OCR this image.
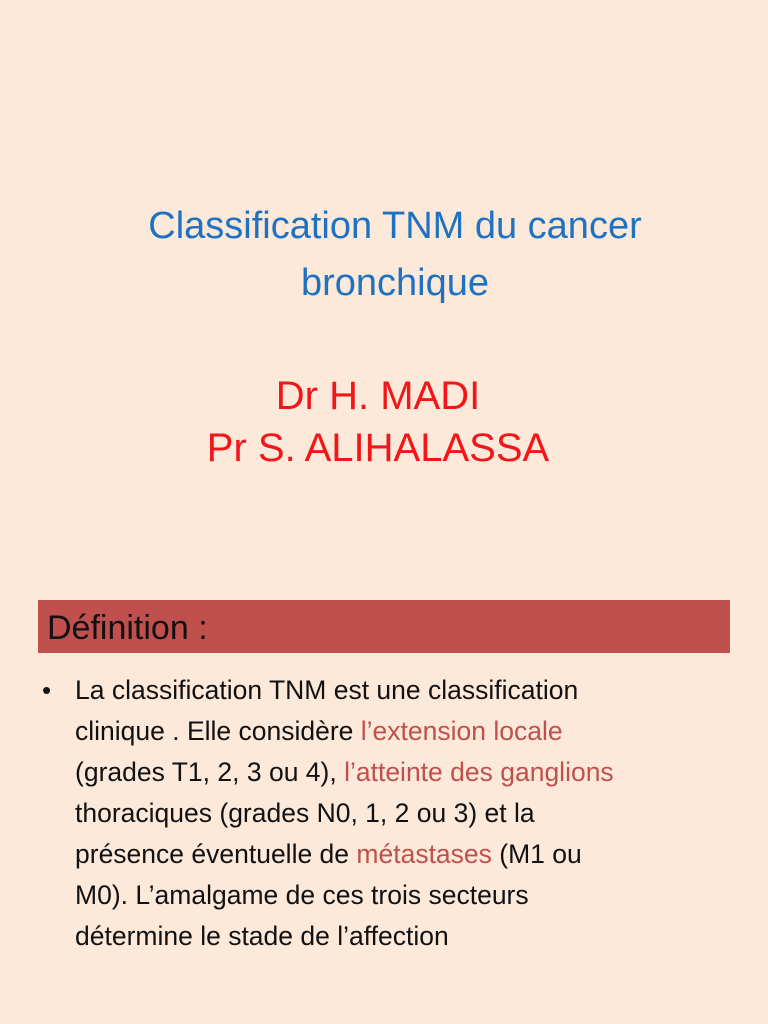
Classification TNM du cancer
bronchique
Dr H. MADI
Pr S. ALIHALASSA
Définition :
• La classification TNM est une classification
clinique . Elle considère l’extension locale
(grades T1, 2, 3 ou 4), l’atteinte des ganglions
thoraciques (grades N0, 1, 2 ou 3) et la
présence éventuelle de métastases (M1 ou
M0). L’amalgame de ces trois secteurs
détermine le stade de l’affection
